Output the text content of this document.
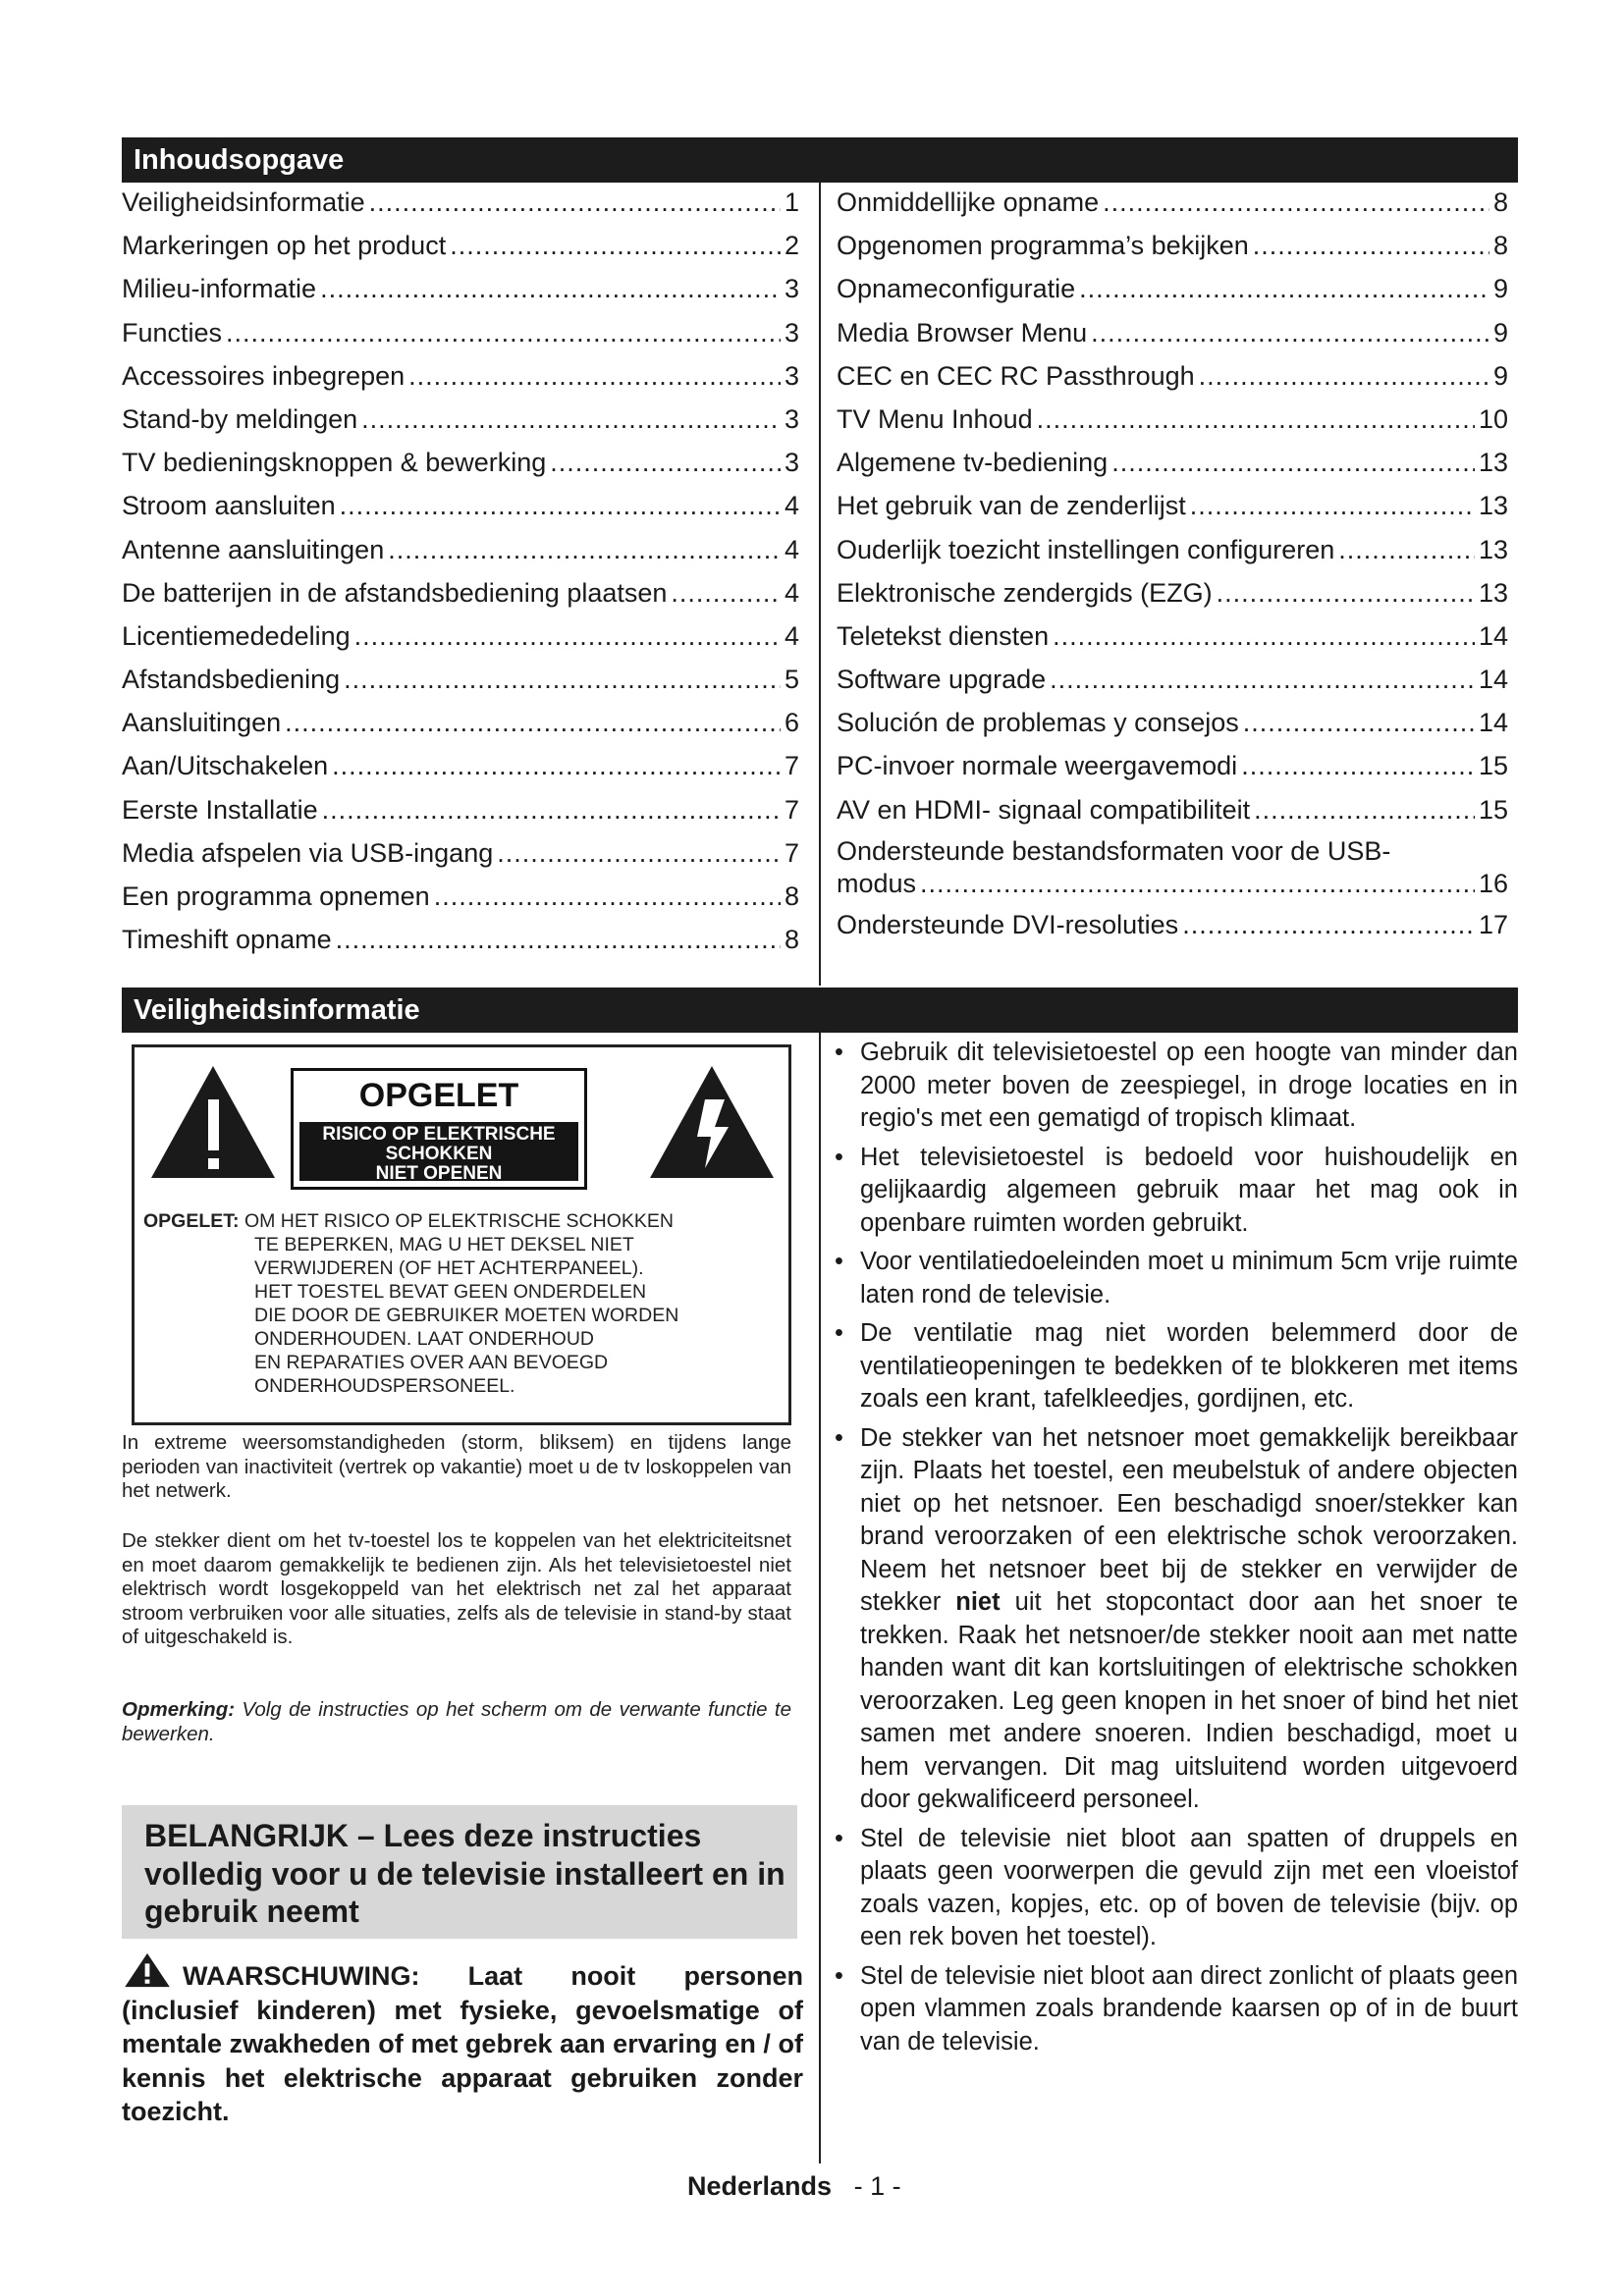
Inhoudsopgave
Veiligheidsinformatie .....	1
Markeringen op het product .....	2
Milieu-informatie .....	3
Functies .....	3
Accessoires inbegrepen .....	3
Stand-by meldingen .....	3
TV bedieningsknoppen & bewerking .....	3
Stroom aansluiten .....	4
Antenne aansluitingen .....	4
De batterijen in de afstandsbediening plaatsen .....	4
Licentiemededeling .....	4
Afstandsbediening .....	5
Aansluitingen .....	6
Aan/Uitschakelen .....	7
Eerste Installatie .....	7
Media afspelen via USB-ingang .....	7
Een programma opnemen .....	8
Timeshift opname .....	8
Onmiddellijke opname .....	8
Opgenomen programma’s bekijken .....	8
Opnameconfiguratie .....	9
Media Browser Menu .....	9
CEC en CEC RC Passthrough .....	9
TV Menu Inhoud .....	10
Algemene tv-bediening .....	13
Het gebruik van de zenderlijst .....	13
Ouderlijk toezicht instellingen configureren .....	13
Elektronische zendergids (EZG) .....	13
Teletekst diensten .....	14
Software upgrade .....	14
Solución de problemas y consejos .....	14
PC-invoer normale weergavemodi .....	15
AV en HDMI- signaal compatibiliteit .....	15
Ondersteunde bestandsformaten voor de USB-
modus .....	16
Ondersteunde DVI-resoluties .....	17
Veiligheidsinformatie
OPGELET
RISICO OP ELEKTRISCHE
SCHOKKEN
NIET OPENEN
OPGELET: OM HET RISICO OP ELEKTRISCHE SCHOKKEN
TE BEPERKEN, MAG U HET DEKSEL NIET
VERWIJDEREN (OF HET ACHTERPANEEL).
HET TOESTEL BEVAT GEEN ONDERDELEN
DIE DOOR DE GEBRUIKER MOETEN WORDEN
ONDERHOUDEN. LAAT ONDERHOUD
EN REPARATIES OVER AAN BEVOEGD
ONDERHOUDSPERSONEEL.
In extreme weersomstandigheden (storm, bliksem) en tijdens lange perioden van inactiviteit (vertrek op vakantie) moet u de tv loskoppelen van het netwerk.
De stekker dient om het tv-toestel los te koppelen van het elektriciteitsnet en moet daarom gemakkelijk te bedienen zijn. Als het televisietoestel niet elektrisch wordt losgekoppeld van het elektrisch net zal het apparaat stroom verbruiken voor alle situaties, zelfs als de televisie in stand-by staat of uitgeschakeld is.
Opmerking: Volg de instructies op het scherm om de verwante functie te bewerken.
BELANGRIJK – Lees deze instructies volledig voor u de televisie installeert en in gebruik neemt
WAARSCHUWING: Laat nooit personen (inclusief kinderen) met fysieke, gevoelsmatige of mentale zwakheden of met gebrek aan ervaring en / of kennis het elektrische apparaat gebruiken zonder toezicht.
• Gebruik dit televisietoestel op een hoogte van minder dan 2000 meter boven de zeespiegel, in droge locaties en in regio's met een gematigd of tropisch klimaat.
• Het televisietoestel is bedoeld voor huishoudelijk en gelijkaardig algemeen gebruik maar het mag ook in openbare ruimten worden gebruikt.
• Voor ventilatiedoeleinden moet u minimum 5cm vrije ruimte laten rond de televisie.
• De ventilatie mag niet worden belemmerd door de ventilatieopeningen te bedekken of te blokkeren met items zoals een krant, tafelkleedjes, gordijnen, etc.
• De stekker van het netsnoer moet gemakkelijk bereikbaar zijn. Plaats het toestel, een meubelstuk of andere objecten niet op het netsnoer. Een beschadigd snoer/stekker kan brand veroorzaken of een elektrische schok veroorzaken. Neem het netsnoer beet bij de stekker en verwijder de stekker niet uit het stopcontact door aan het snoer te trekken. Raak het netsnoer/de stekker nooit aan met natte handen want dit kan kortsluitingen of elektrische schokken veroorzaken. Leg geen knopen in het snoer of bind het niet samen met andere snoeren. Indien beschadigd, moet u hem vervangen. Dit mag uitsluitend worden uitgevoerd door gekwalificeerd personeel.
• Stel de televisie niet bloot aan spatten of druppels en plaats geen voorwerpen die gevuld zijn met een vloeistof zoals vazen, kopjes, etc. op of boven de televisie (bijv. op een rek boven het toestel).
• Stel de televisie niet bloot aan direct zonlicht of plaats geen open vlammen zoals brandende kaarsen op of in de buurt van de televisie.
Nederlands - 1 -
